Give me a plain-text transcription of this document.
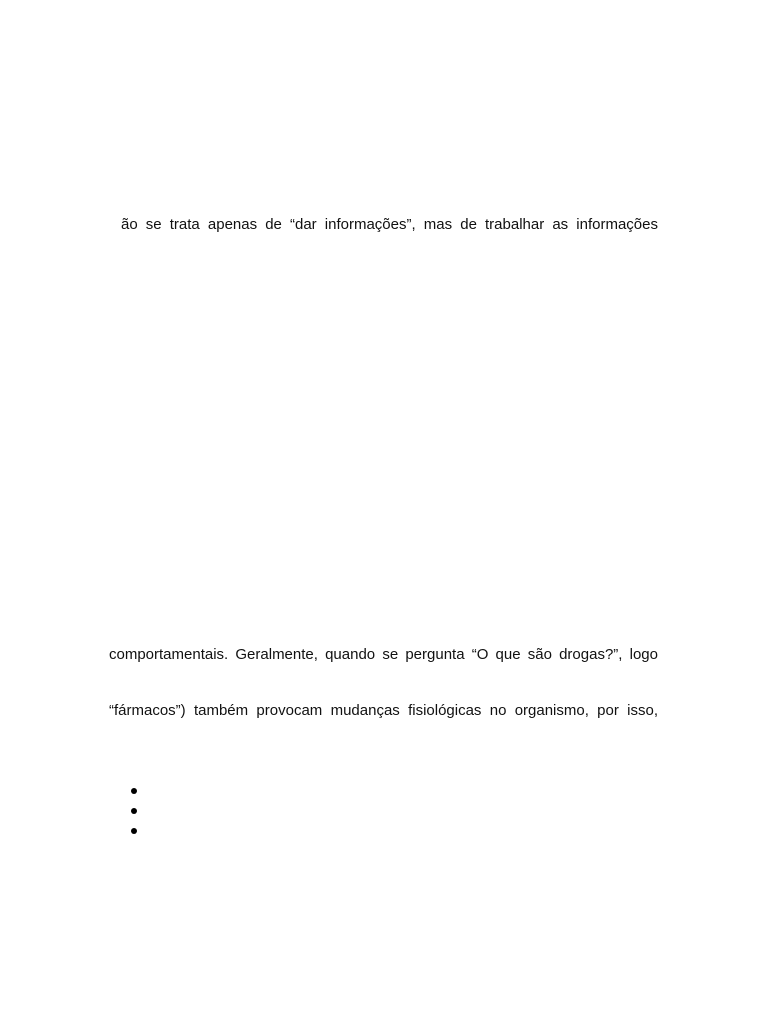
ão se trata apenas de “dar informações”, mas de trabalhar as informações
comportamentais. Geralmente, quando se pergunta “O que são drogas?”, logo
“fármacos”) também provocam mudanças fisiológicas no organismo, por isso,
